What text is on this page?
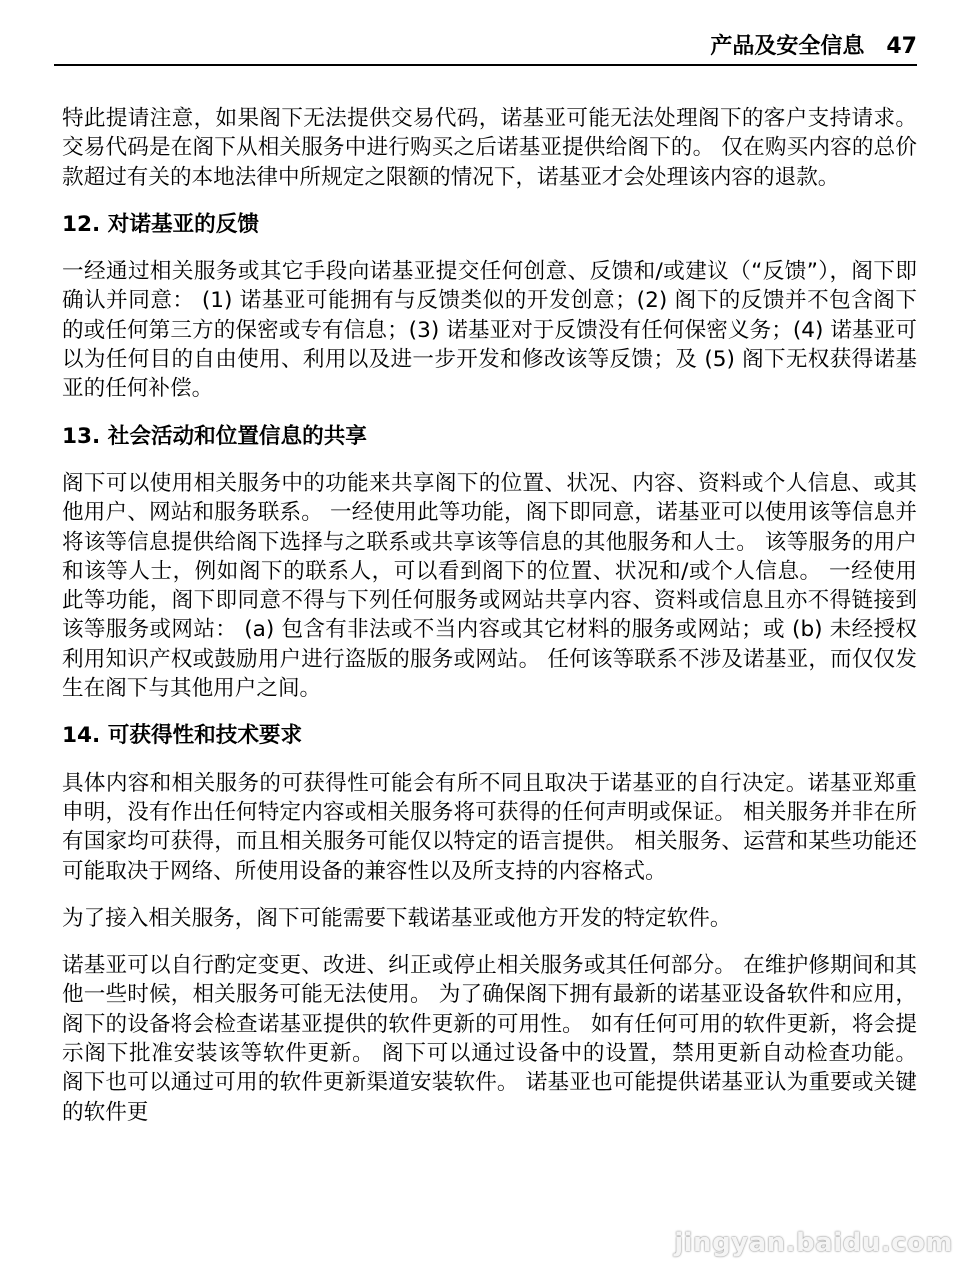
产品及安全信息 47

特此提请注意，如果阁下无法提供交易代码，诺基亚可能无法处理阁下的客户支持请求。交易代码是在阁下从相关服务中进行购买之后诺基亚提供给阁下的。 仅在购买内容的总价款超过有关的本地法律中所规定之限额的情况下，诺基亚才会处理该内容的退款。

12. 对诺基亚的反馈

一经通过相关服务或其它手段向诺基亚提交任何创意、反馈和/或建议（“反馈”），阁下即确认并同意： (1) 诺基亚可能拥有与反馈类似的开发创意；(2) 阁下的反馈并不包含阁下的或任何第三方的保密或专有信息；(3) 诺基亚对于反馈没有任何保密义务；(4) 诺基亚可以为任何目的自由使用、利用以及进一步开发和修改该等反馈；及 (5) 阁下无权获得诺基亚的任何补偿。

13. 社会活动和位置信息的共享

阁下可以使用相关服务中的功能来共享阁下的位置、状况、内容、资料或个人信息、或其他用户、网站和服务联系。 一经使用此等功能，阁下即同意，诺基亚可以使用该等信息并将该等信息提供给阁下选择与之联系或共享该等信息的其他服务和人士。 该等服务的用户和该等人士，例如阁下的联系人，可以看到阁下的位置、状况和/或个人信息。 一经使用此等功能，阁下即同意不得与下列任何服务或网站共享内容、资料或信息且亦不得链接到该等服务或网站： (a) 包含有非法或不当内容或其它材料的服务或网站；或 (b) 未经授权利用知识产权或鼓励用户进行盗版的服务或网站。 任何该等联系不涉及诺基亚，而仅仅发生在阁下与其他用户之间。

14. 可获得性和技术要求

具体内容和相关服务的可获得性可能会有所不同且取决于诺基亚的自行决定。诺基亚郑重申明，没有作出任何特定内容或相关服务将可获得的任何声明或保证。 相关服务并非在所有国家均可获得，而且相关服务可能仅以特定的语言提供。 相关服务、运营和某些功能还可能取决于网络、所使用设备的兼容性以及所支持的内容格式。

为了接入相关服务，阁下可能需要下载诺基亚或他方开发的特定软件。

诺基亚可以自行酌定变更、改进、纠正或停止相关服务或其任何部分。 在维护修期间和其他一些时候，相关服务可能无法使用。 为了确保阁下拥有最新的诺基亚设备软件和应用，阁下的设备将会检查诺基亚提供的软件更新的可用性。 如有任何可用的软件更新，将会提示阁下批准安装该等软件更新。 阁下可以通过设备中的设置，禁用更新自动检查功能。 阁下也可以通过可用的软件更新渠道安装软件。 诺基亚也可能提供诺基亚认为重要或关键的软件更

jingyan.baidu.com
